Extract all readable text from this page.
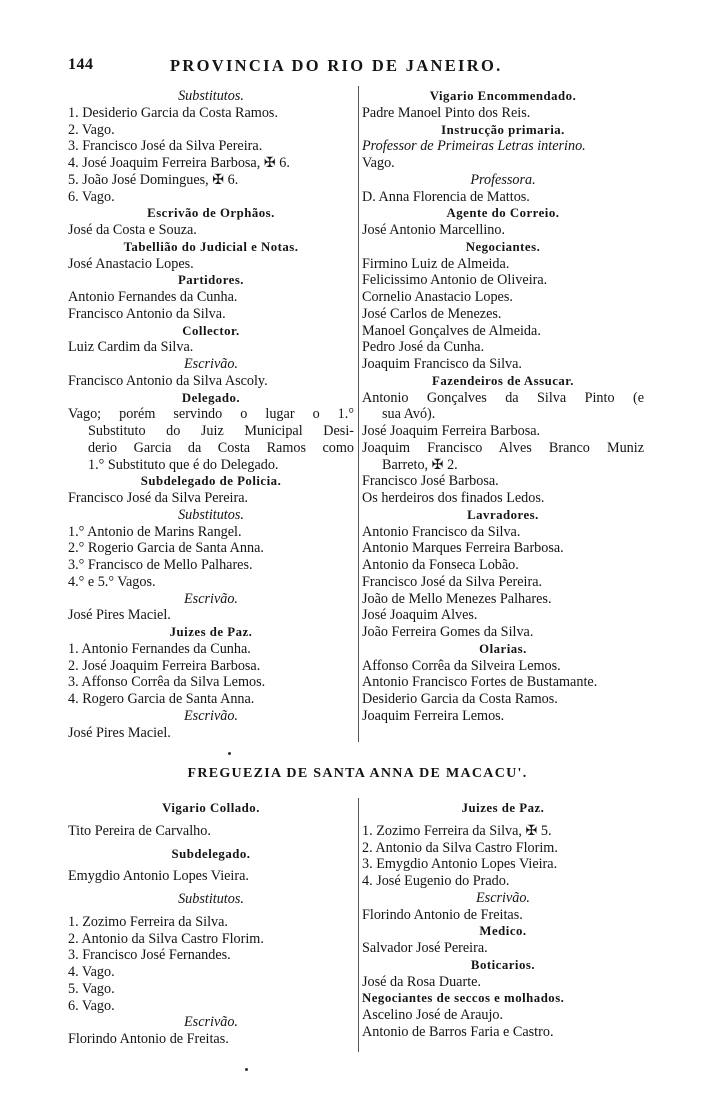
144	PROVINCIA DO RIO DE JANEIRO.
Substitutos.
1. Desiderio Garcia da Costa Ramos.
2. Vago.
3. Francisco José da Silva Pereira.
4. José Joaquim Ferreira Barbosa, ✠ 6.
5. João José Domingues, ✠ 6.
6. Vago.
Escrivão de Orphãos.
José da Costa e Souza.
Tabellião do Judicial e Notas.
José Anastacio Lopes.
Partidores.
Antonio Fernandes da Cunha.
Francisco Antonio da Silva.
Collector.
Luiz Cardim da Silva.
Escrivão.
Francisco Antonio da Silva Ascoly.
Delegado.
Vago; porém servindo o lugar o 1.°
Substituto do Juiz Municipal Desi-
derio Garcia da Costa Ramos como
1.° Substituto que é do Delegado.
Subdelegado de Policia.
Francisco José da Silva Pereira.
Substitutos.
1.° Antonio de Marins Rangel.
2.° Rogerio Garcia de Santa Anna.
3.° Francisco de Mello Palhares.
4.° e 5.° Vagos.
Escrivão.
José Pires Maciel.
Juizes de Paz.
1. Antonio Fernandes da Cunha.
2. José Joaquim Ferreira Barbosa.
3. Affonso Corrêa da Silva Lemos.
4. Rogero Garcia de Santa Anna.
Escrivão.
José Pires Maciel.
Vigario Encommendado.
Padre Manoel Pinto dos Reis.
Instrucção primaria.
Professor de Primeiras Letras interino.
Vago.
Professora.
D. Anna Florencia de Mattos.
Agente do Correio.
José Antonio Marcellino.
Negociantes.
Firmino Luiz de Almeida.
Felicissimo Antonio de Oliveira.
Cornelio Anastacio Lopes.
José Carlos de Menezes.
Manoel Gonçalves de Almeida.
Pedro José da Cunha.
Joaquim Francisco da Silva.
Fazendeiros de Assucar.
Antonio Gonçalves da Silva Pinto (e
sua Avó).
José Joaquim Ferreira Barbosa.
Joaquim Francisco Alves Branco Muniz
Barreto, ✠ 2.
Francisco José Barbosa.
Os herdeiros dos finados Ledos.
Lavradores.
Antonio Francisco da Silva.
Antonio Marques Ferreira Barbosa.
Antonio da Fonseca Lobão.
Francisco José da Silva Pereira.
João de Mello Menezes Palhares.
José Joaquim Alves.
João Ferreira Gomes da Silva.
Olarias.
Affonso Corrêa da Silveira Lemos.
Antonio Francisco Fortes de Bustamante.
Desiderio Garcia da Costa Ramos.
Joaquim Ferreira Lemos.
FREGUEZIA DE SANTA ANNA DE MACACU'.
Vigario Collado.
Tito Pereira de Carvalho.
Subdelegado.
Emygdio Antonio Lopes Vieira.
Substitutos.
1. Zozimo Ferreira da Silva.
2. Antonio da Silva Castro Florim.
3. Francisco José Fernandes.
4. Vago.
5. Vago.
6. Vago.
Escrivão.
Florindo Antonio de Freitas.
Juizes de Paz.
1. Zozimo Ferreira da Silva, ✠ 5.
2. Antonio da Silva Castro Florim.
3. Emygdio Antonio Lopes Vieira.
4. José Eugenio do Prado.
Escrivão.
Florindo Antonio de Freitas.
Medico.
Salvador José Pereira.
Boticarios.
José da Rosa Duarte.
Negociantes de seccos e molhados.
Ascelino José de Araujo.
Antonio de Barros Faria e Castro.
